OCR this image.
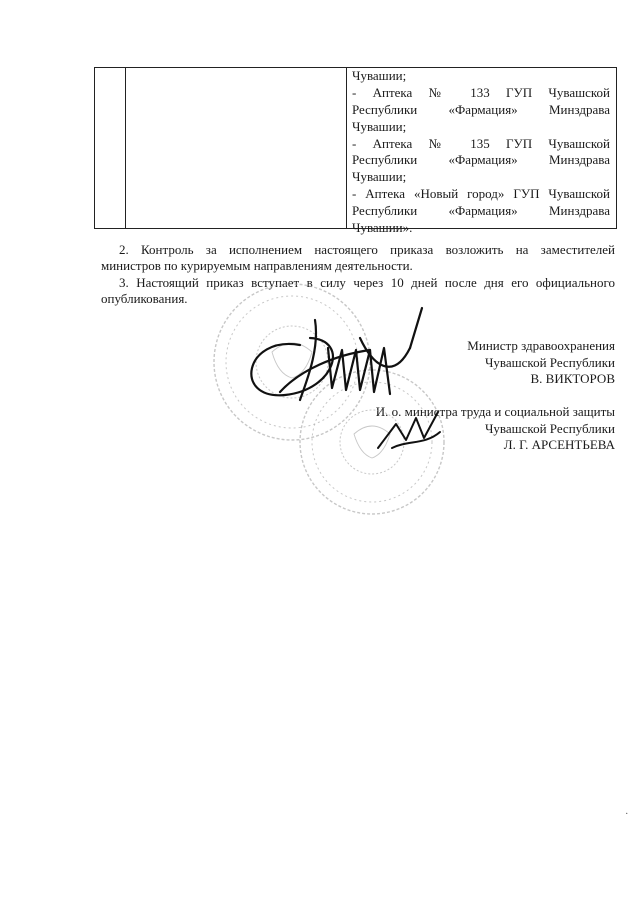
Чувашии;
- Аптека № 133 ГУП Чувашской
Республики «Фармация» Минздрава
Чувашии;
- Аптека № 135 ГУП Чувашской
Республики «Фармация» Минздрава
Чувашии;
- Аптека «Новый город» ГУП Чувашской
Республики «Фармация» Минздрава
Чувашии».
2. Контроль за исполнением настоящего приказа возложить на заместителей
министров по курируемым направлениям деятельности.
3. Настоящий приказ вступает в силу через 10 дней после дня его официального
опубликования.
Министр здравоохранения
Чувашской Республики
В. ВИКТОРОВ
И. о. министра труда и социальной защиты
Чувашской Республики
Л. Г. АРСЕНТЬЕВА
.
